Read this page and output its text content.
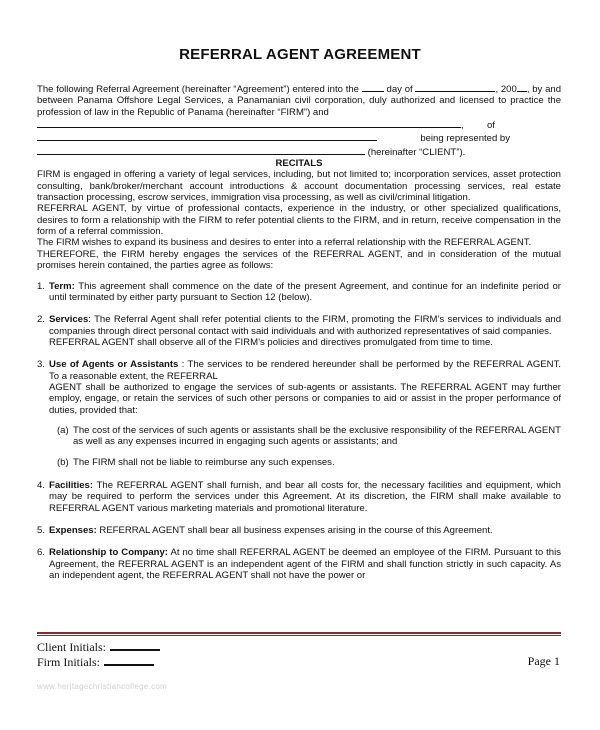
REFERRAL AGENT AGREEMENT

The following Referral Agreement (hereinafter “Agreement”) entered into the	day of	, 200 , by and between Panama Offshore Legal Services, a Panamanian civil corporation, duly authorized and licensed to practice the profession of law in the Republic of Panama (hereinafter “FIRM”) and
,  of
being represented by
(hereinafter “CLIENT”).

RECITALS

FIRM is engaged in offering a variety of legal services, including, but not limited to; incorporation services, asset protection consulting, bank/broker/merchant account introductions & account documentation processing services, real estate transaction processing, escrow services, immigration visa processing, as well as civil/criminal litigation.

REFERRAL AGENT, by virtue of professional contacts, experience in the industry, or other specialized qualifications, desires to form a relationship with the FIRM to refer potential clients to the FIRM, and in return, receive compensation in the form of a referral commission.

The FIRM wishes to expand its business and desires to enter into a referral relationship with the REFERRAL AGENT.

THEREFORE, the FIRM hereby engages the services of the REFERRAL AGENT, and in consideration of the mutual promises herein contained, the parties agree as follows:

1. Term: This agreement shall commence on the date of the present Agreement, and continue for an indefinite period or until terminated by either party pursuant to Section 12 (below).
2. Services: The Referral Agent shall refer potential clients to the FIRM, promoting the FIRM’s services to individuals and companies through direct personal contact with said individuals and with authorized representatives of said companies.
REFERRAL AGENT shall observe all of the FIRM’s policies and directives promulgated from time to time.
3. Use of Agents or Assistants : The services to be rendered hereunder shall be performed by the REFERRAL AGENT. To a reasonable extent, the REFERRAL
AGENT shall be authorized to engage the services of sub-agents or assistants. The REFERRAL AGENT may further employ, engage, or retain the services of such other persons or companies to aid or assist in the proper performance of duties, provided that:
(a) The cost of the services of such agents or assistants shall be the exclusive responsibility of the REFERRAL AGENT as well as any expenses incurred in engaging such agents or assistants; and
(b) The FIRM shall not be liable to reimburse any such expenses.
4. Facilities: The REFERRAL AGENT shall furnish, and bear all costs for, the necessary facilities and equipment, which may be required to perform the services under this Agreement. At its discretion, the FIRM shall make available to REFERRAL AGENT various marketing materials and promotional literature.
5. Expenses: REFERRAL AGENT shall bear all business expenses arising in the course of this Agreement.
6. Relationship to Company: At no time shall REFERRAL AGENT be deemed an employee of the FIRM. Pursuant to this Agreement, the REFERRAL AGENT is an independent agent of the FIRM and shall function strictly in such capacity. As an independent agent, the REFERRAL AGENT shall not have the power or
Client Initials:
Firm Initials:	Page 1
www.heritagechristiancollege.com
